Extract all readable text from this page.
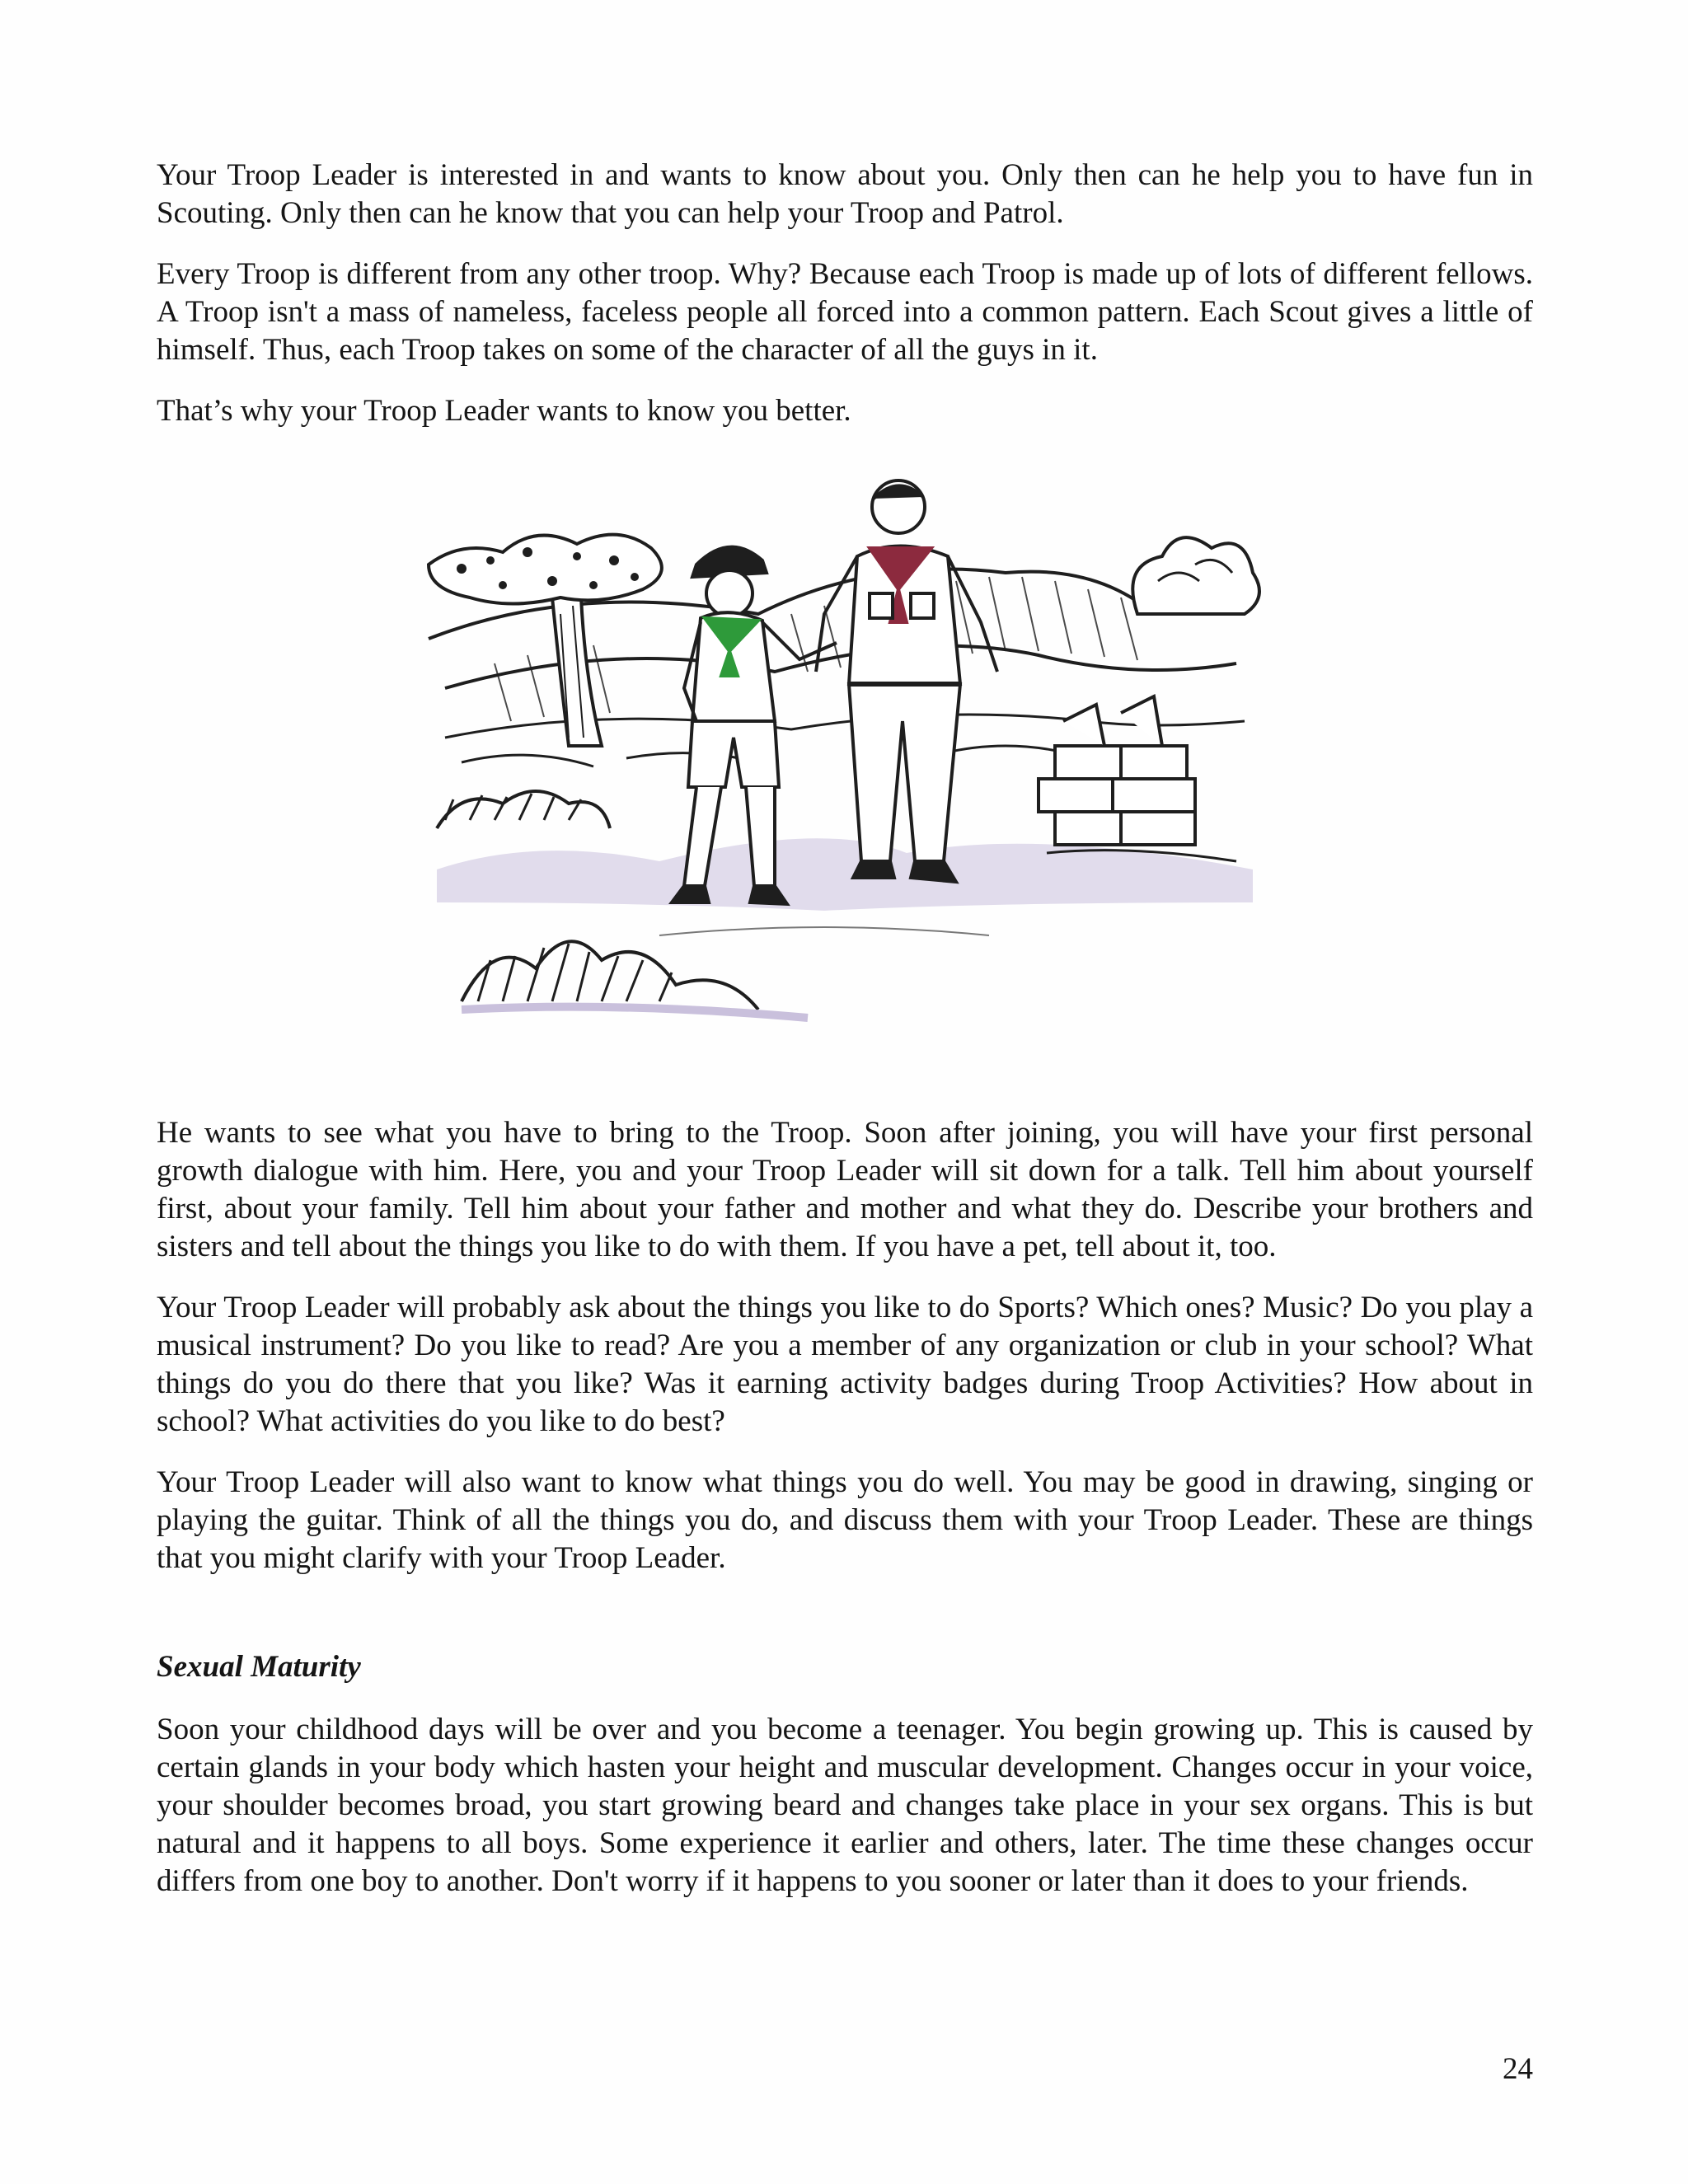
Your Troop Leader is interested in and wants to know about you. Only then can he help you to have fun in Scouting. Only then can he know that you can help your Troop and Patrol.

Every Troop is different from any other troop. Why? Because each Troop is made up of lots of different fellows. A Troop isn't a mass of nameless, faceless people all forced into a common pattern. Each Scout gives a little of himself. Thus, each Troop takes on some of the character of all the guys in it.

That’s why your Troop Leader wants to know you better.

He wants to see what you have to bring to the Troop. Soon after joining, you will have your first personal growth dialogue with him. Here, you and your Troop Leader will sit down for a talk. Tell him about yourself first, about your family. Tell him about your father and mother and what they do. Describe your brothers and sisters and tell about the things you like to do with them. If you have a pet, tell about it, too.

Your Troop Leader will probably ask about the things you like to do Sports? Which ones? Music? Do you play a musical instrument? Do you like to read? Are you a member of any organization or club in your school? What things do you do there that you like? Was it earning activity badges during Troop Activities? How about in school? What activities do you like to do best?

Your Troop Leader will also want to know what things you do well. You may be good in drawing, singing or playing the guitar. Think of all the things you do, and discuss them with your Troop Leader. These are things that you might clarify with your Troop Leader.

Sexual Maturity

Soon your childhood days will be over and you become a teenager. You begin growing up. This is caused by certain glands in your body which hasten your height and muscular development. Changes occur in your voice, your shoulder becomes broad, you start growing beard and changes take place in your sex organs. This is but natural and it happens to all boys. Some experience it earlier and others, later. The time these changes occur differs from one boy to another. Don't worry if it happens to you sooner or later than it does to your friends.

24
